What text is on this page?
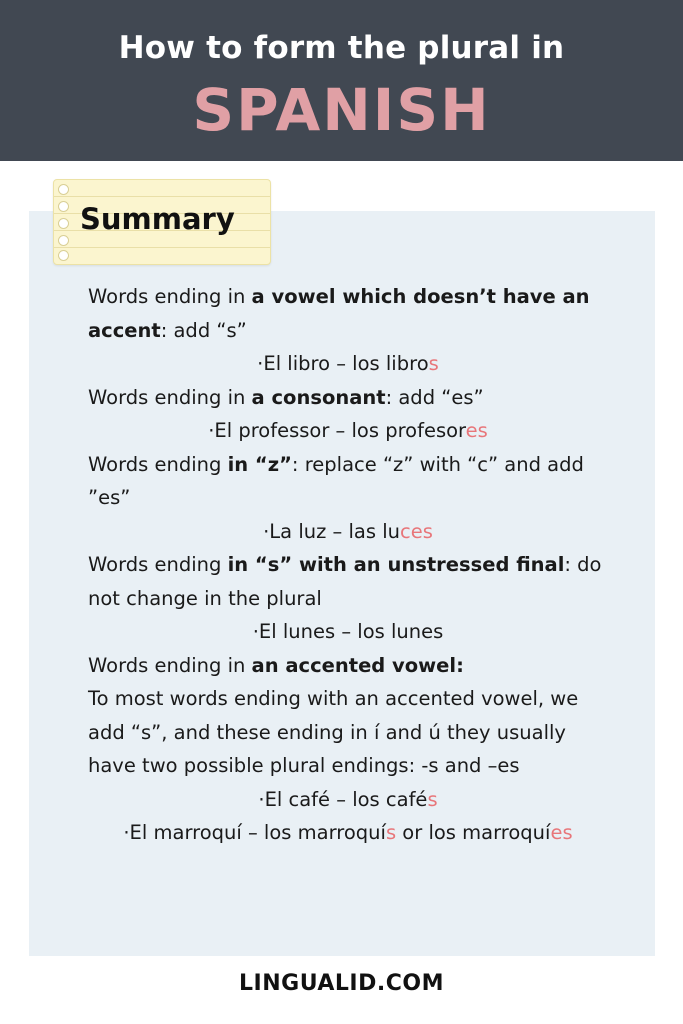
How to form the plural in
SPANISH
Summary

Words ending in a vowel which doesn’t have an accent: add “s”

·El libro – los libros

Words ending in a consonant: add “es”

·El professor – los profesores

Words ending in “z”: replace “z” with “c” and add ”es”

·La luz – las luces

Words ending in “s” with an unstressed final: do not change in the plural

·El lunes – los lunes

Words ending in an accented vowel:

To most words ending with an accented vowel, we add “s”, and these ending in í and ú they usually have two possible plural endings: -s and –es

·El café – los cafés

·El marroquí – los marroquís or los marroquíes

LINGUALID.COM
